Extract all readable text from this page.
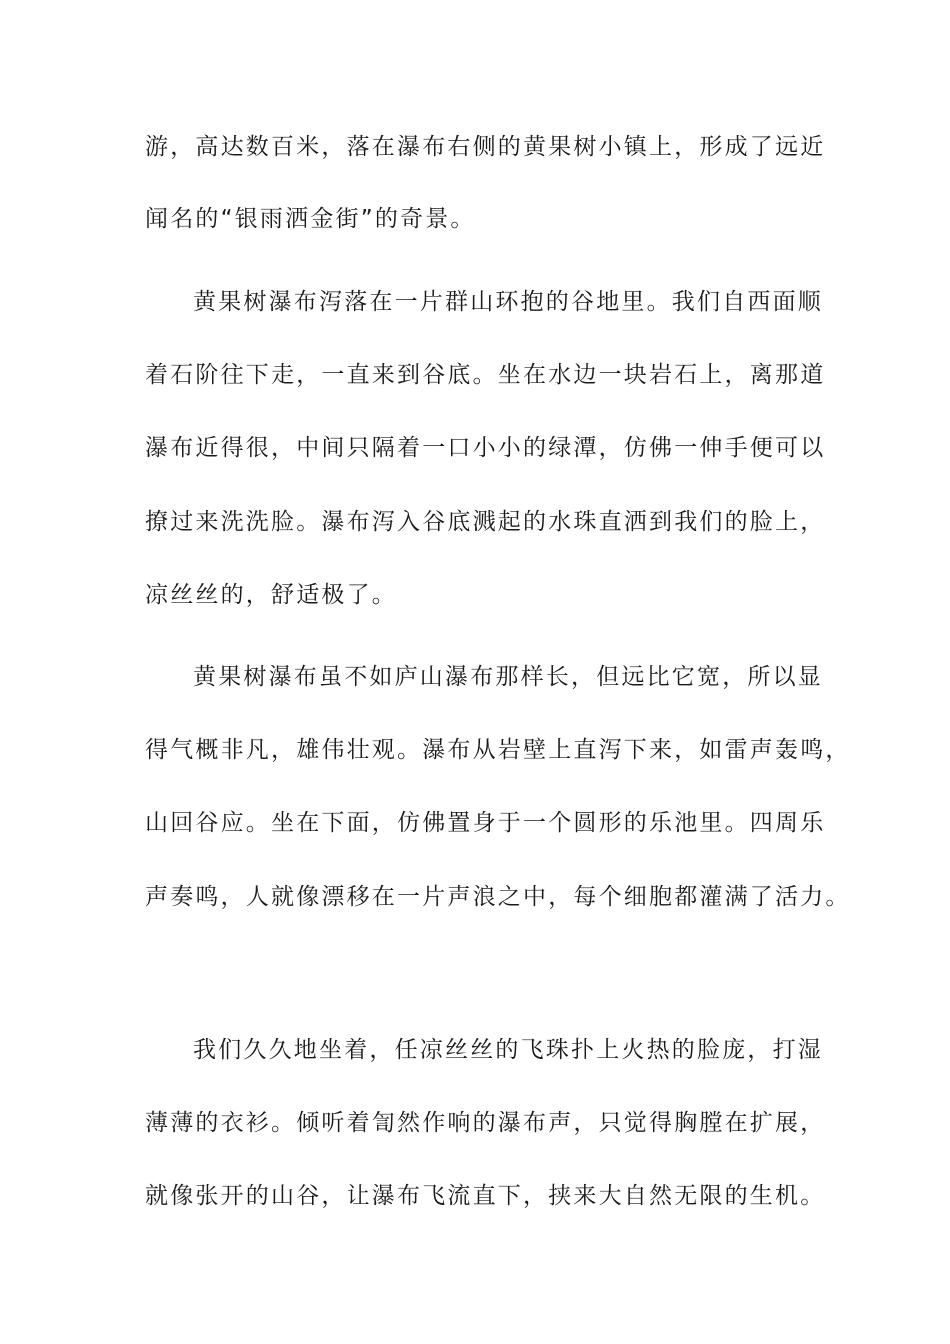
游，高达数百米，落在瀑布右侧的黄果树小镇上，形成了远近
闻名的“银雨洒金街”的奇景。
黄果树瀑布泻落在一片群山环抱的谷地里。我们自西面顺
着石阶往下走，一直来到谷底。坐在水边一块岩石上，离那道
瀑布近得很，中间只隔着一口小小的绿潭，仿佛一伸手便可以
撩过来洗洗脸。瀑布泻入谷底溅起的水珠直洒到我们的脸上，
凉丝丝的，舒适极了。
黄果树瀑布虽不如庐山瀑布那样长，但远比它宽，所以显
得气概非凡，雄伟壮观。瀑布从岩壁上直泻下来，如雷声轰鸣，
山回谷应。坐在下面，仿佛置身于一个圆形的乐池里。四周乐
声奏鸣，人就像漂移在一片声浪之中，每个细胞都灌满了活力。
我们久久地坐着，任凉丝丝的飞珠扑上火热的脸庞，打湿
薄薄的衣衫。倾听着訇然作响的瀑布声，只觉得胸膛在扩展，
就像张开的山谷，让瀑布飞流直下，挟来大自然无限的生机。
